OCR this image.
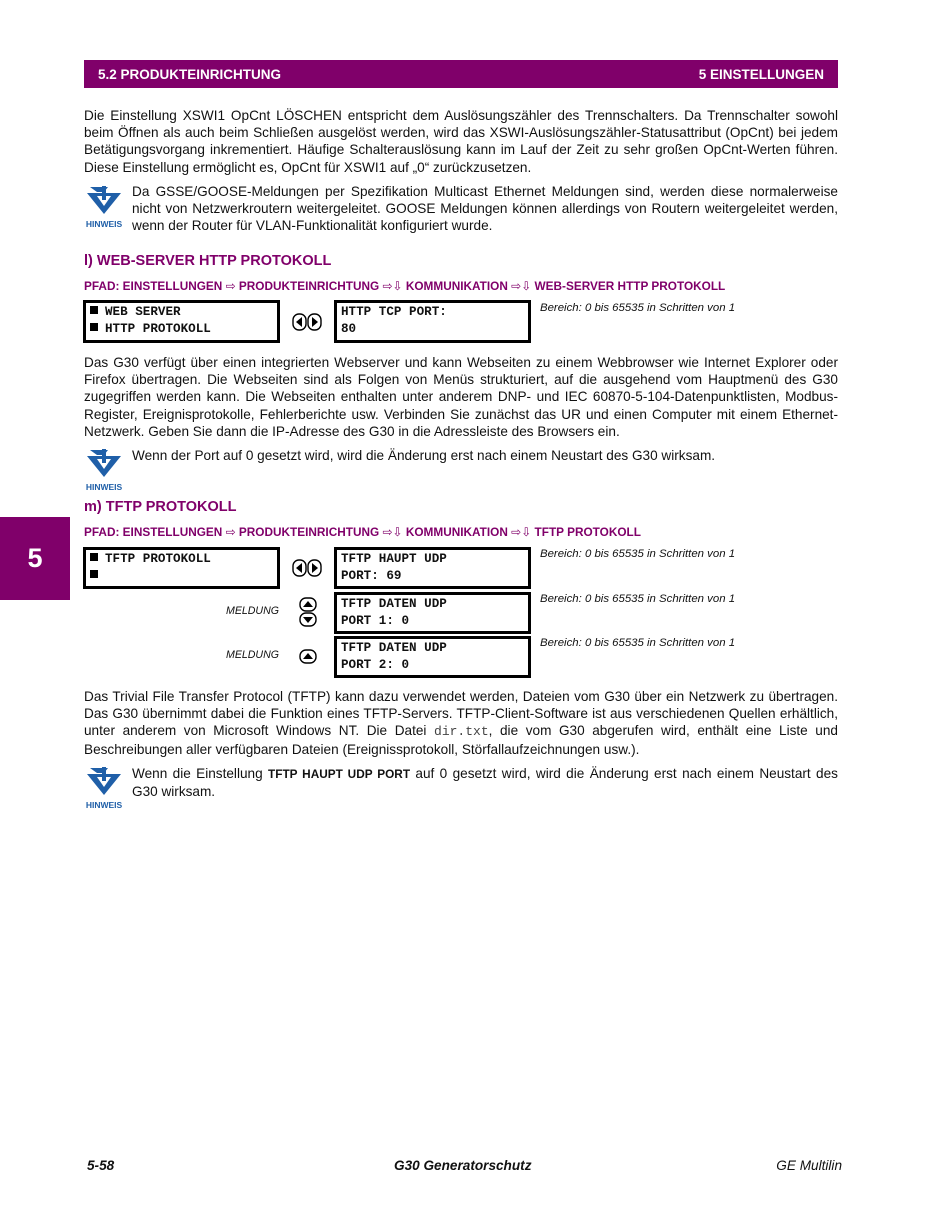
5.2 PRODUKTEINRICHTUNG	5 EINSTELLUNGEN
5

Die Einstellung XSWI1 OpCnt LÖSCHEN entspricht dem Auslösungszähler des Trennschalters. Da Trennschalter sowohl beim Öffnen als auch beim Schließen ausgelöst werden, wird das XSWI-Auslösungszähler-Statusattribut (OpCnt) bei jedem Betätigungsvorgang inkrementiert. Häufige Schalterauslösung kann im Lauf der Zeit zu sehr großen OpCnt-Werten führen. Diese Einstellung ermöglicht es, OpCnt für XSWI1 auf „0“ zurückzusetzen.

HINWEIS

Da GSSE/GOOSE-Meldungen per Spezifikation Multicast Ethernet Meldungen sind, werden diese normalerweise nicht von Netzwerkroutern weitergeleitet. GOOSE Meldungen können allerdings von Routern weitergeleitet werden, wenn der Router für VLAN-Funktionalität konfiguriert wurde.

l) WEB-SERVER HTTP PROTOKOLL

PFAD: EINSTELLUNGEN ⇨ PRODUKTEINRICHTUNG ⇨⇩ KOMMUNIKATION ⇨⇩ WEB-SERVER HTTP PROTOKOLL

WEB SERVER
HTTP PROTOKOLL
HTTP TCP PORT:
80
Bereich: 0 bis 65535 in Schritten von 1

Das G30 verfügt über einen integrierten Webserver und kann Webseiten zu einem Webbrowser wie Internet Explorer oder Firefox übertragen. Die Webseiten sind als Folgen von Menüs strukturiert, auf die ausgehend vom Hauptmenü des G30 zugegriffen werden kann. Die Webseiten enthalten unter anderem DNP- und IEC 60870-5-104-Datenpunktlisten, Modbus-Register, Ereignisprotokolle, Fehlerberichte usw. Verbinden Sie zunächst das UR und einen Computer mit einem Ethernet-Netzwerk. Geben Sie dann die IP-Adresse des G30 in die Adressleiste des Browsers ein.

HINWEIS

Wenn der Port auf 0 gesetzt wird, wird die Änderung erst nach einem Neustart des G30 wirksam.

m) TFTP PROTOKOLL

PFAD: EINSTELLUNGEN ⇨ PRODUKTEINRICHTUNG ⇨⇩ KOMMUNIKATION ⇨⇩ TFTP PROTOKOLL

TFTP PROTOKOLL	TFTP HAUPT UDP
PORT: 69
Bereich: 0 bis 65535 in Schritten von 1
MELDUNG	TFTP DATEN UDP
PORT 1: 0
Bereich: 0 bis 65535 in Schritten von 1
MELDUNG	TFTP DATEN UDP
PORT 2: 0
Bereich: 0 bis 65535 in Schritten von 1

Das Trivial File Transfer Protocol (TFTP) kann dazu verwendet werden, Dateien vom G30 über ein Netzwerk zu übertragen. Das G30 übernimmt dabei die Funktion eines TFTP-Servers. TFTP-Client-Software ist aus verschiedenen Quellen erhältlich, unter anderem von Microsoft Windows NT. Die Datei dir.txt, die vom G30 abgerufen wird, enthält eine Liste und Beschreibungen aller verfügbaren Dateien (Ereignissprotokoll, Störfallaufzeichnungen usw.).

HINWEIS

Wenn die Einstellung TFTP HAUPT UDP PORT auf 0 gesetzt wird, wird die Änderung erst nach einem Neustart des G30 wirksam.

5-58	G30 Generatorschutz	GE Multilin
